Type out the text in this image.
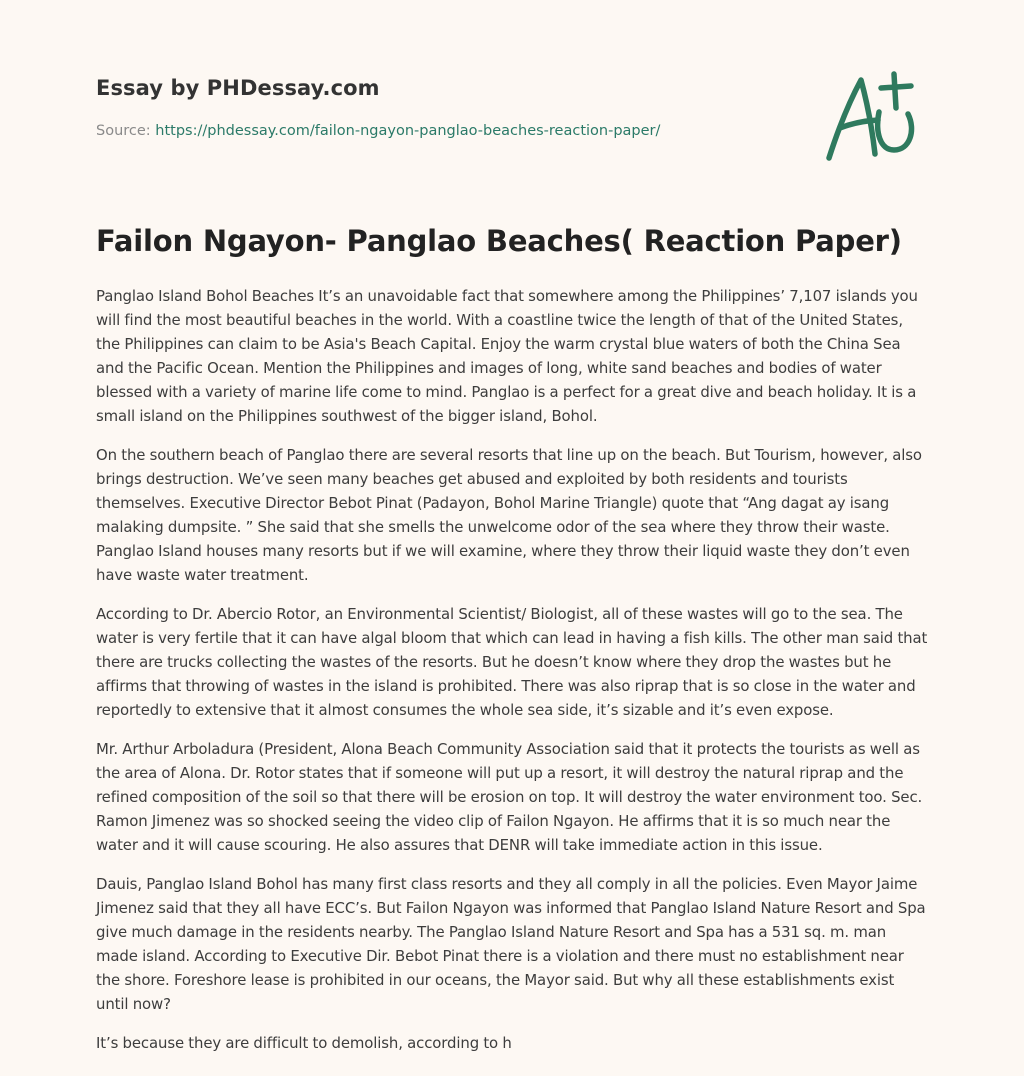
Essay by PHDessay.com
Source: https://phdessay.com/failon-ngayon-panglao-beaches-reaction-paper/
Failon Ngayon- Panglao Beaches( Reaction Paper)

Panglao Island Bohol Beaches It’s an unavoidable fact that somewhere among the Philippines’ 7,107 islands you will find the most beautiful beaches in the world. With a coastline twice the length of that of the United States, the Philippines can claim to be Asia's Beach Capital. Enjoy the warm crystal blue waters of both the China Sea and the Pacific Ocean. Mention the Philippines and images of long, white sand beaches and bodies of water blessed with a variety of marine life come to mind. Panglao is a perfect for a great dive and beach holiday. It is a small island on the Philippines southwest of the bigger island, Bohol.

On the southern beach of Panglao there are several resorts that line up on the beach. But Tourism, however, also brings destruction. We’ve seen many beaches get abused and exploited by both residents and tourists themselves. Executive Director Bebot Pinat (Padayon, Bohol Marine Triangle) quote that “Ang dagat ay isang malaking dumpsite. ” She said that she smells the unwelcome odor of the sea where they throw their waste. Panglao Island houses many resorts but if we will examine, where they throw their liquid waste they don’t even have waste water treatment.

According to Dr. Abercio Rotor, an Environmental Scientist/ Biologist, all of these wastes will go to the sea. The water is very fertile that it can have algal bloom that which can lead in having a fish kills. The other man said that there are trucks collecting the wastes of the resorts. But he doesn’t know where they drop the wastes but he affirms that throwing of wastes in the island is prohibited. There was also riprap that is so close in the water and reportedly to extensive that it almost consumes the whole sea side, it’s sizable and it’s even expose.

Mr. Arthur Arboladura (President, Alona Beach Community Association said that it protects the tourists as well as the area of Alona. Dr. Rotor states that if someone will put up a resort, it will destroy the natural riprap and the refined composition of the soil so that there will be erosion on top. It will destroy the water environment too. Sec. Ramon Jimenez was so shocked seeing the video clip of Failon Ngayon. He affirms that it is so much near the water and it will cause scouring. He also assures that DENR will take immediate action in this issue.

Dauis, Panglao Island Bohol has many first class resorts and they all comply in all the policies. Even Mayor Jaime Jimenez said that they all have ECC’s. But Failon Ngayon was informed that Panglao Island Nature Resort and Spa give much damage in the residents nearby. The Panglao Island Nature Resort and Spa has a 531 sq. m. man made island. According to Executive Dir. Bebot Pinat there is a violation and there must no establishment near the shore. Foreshore lease is prohibited in our oceans, the Mayor said. But why all these establishments exist until now?

It’s because they are difficult to demolish, according to h
